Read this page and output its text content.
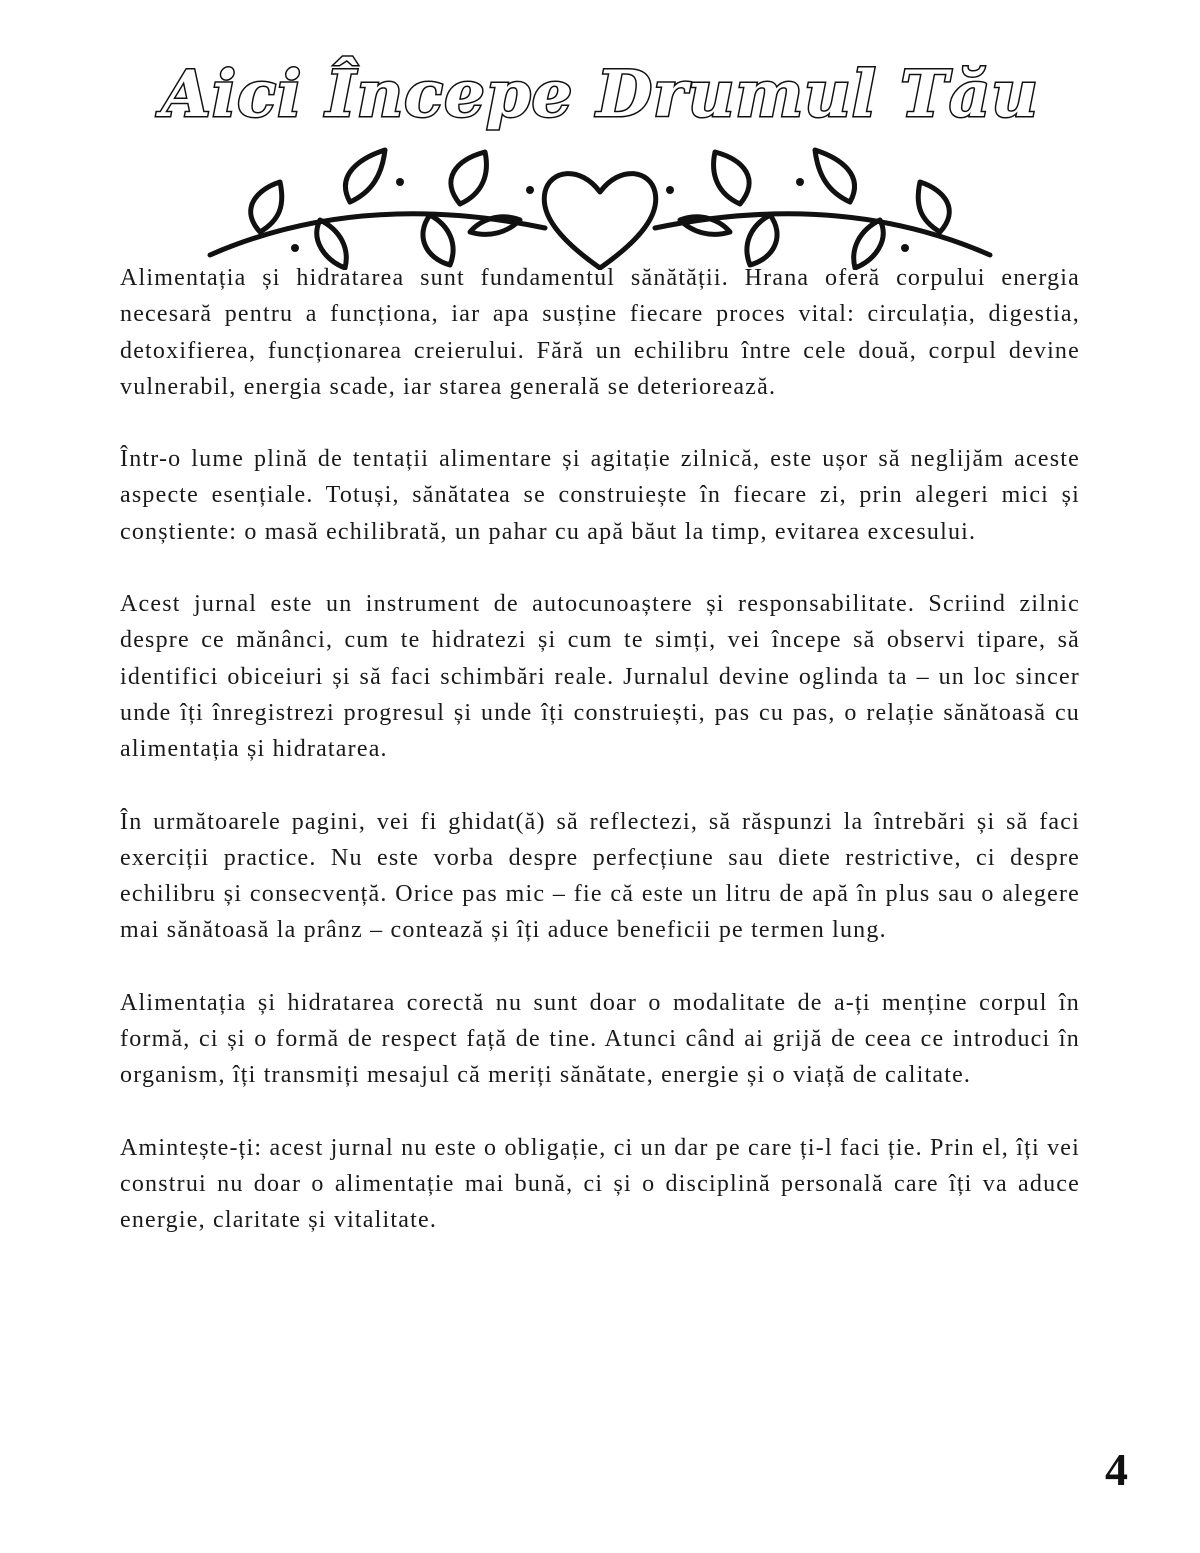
Aici Începe Drumul Tău

Alimentația și hidratarea sunt fundamentul sănătății. Hrana oferă corpului energia necesară pentru a funcționa, iar apa susține fiecare proces vital: circulația, digestia, detoxifierea, funcționarea creierului. Fără un echilibru între cele două, corpul devine vulnerabil, energia scade, iar starea generală se deteriorează.

Într-o lume plină de tentații alimentare și agitație zilnică, este ușor să neglijăm aceste aspecte esențiale. Totuși, sănătatea se construiește în fiecare zi, prin alegeri mici și conștiente: o masă echilibrată, un pahar cu apă băut la timp, evitarea excesului.

Acest jurnal este un instrument de autocunoaștere și responsabilitate. Scriind zilnic despre ce mănânci, cum te hidratezi și cum te simți, vei începe să observi tipare, să identifici obiceiuri și să faci schimbări reale. Jurnalul devine oglinda ta – un loc sincer unde îți înregistrezi progresul și unde îți construiești, pas cu pas, o relație sănătoasă cu alimentația și hidratarea.

În următoarele pagini, vei fi ghidat(ă) să reflectezi, să răspunzi la întrebări și să faci exerciții practice. Nu este vorba despre perfecțiune sau diete restrictive, ci despre echilibru și consecvență. Orice pas mic – fie că este un litru de apă în plus sau o alegere mai sănătoasă la prânz – contează și îți aduce beneficii pe termen lung.

Alimentația și hidratarea corectă nu sunt doar o modalitate de a-ți menține corpul în formă, ci și o formă de respect față de tine. Atunci când ai grijă de ceea ce introduci în organism, îți transmiți mesajul că meriți sănătate, energie și o viață de calitate.

Amintește-ți: acest jurnal nu este o obligație, ci un dar pe care ți-l faci ție. Prin el, îți vei construi nu doar o alimentație mai bună, ci și o disciplină personală care îți va aduce energie, claritate și vitalitate.

4
